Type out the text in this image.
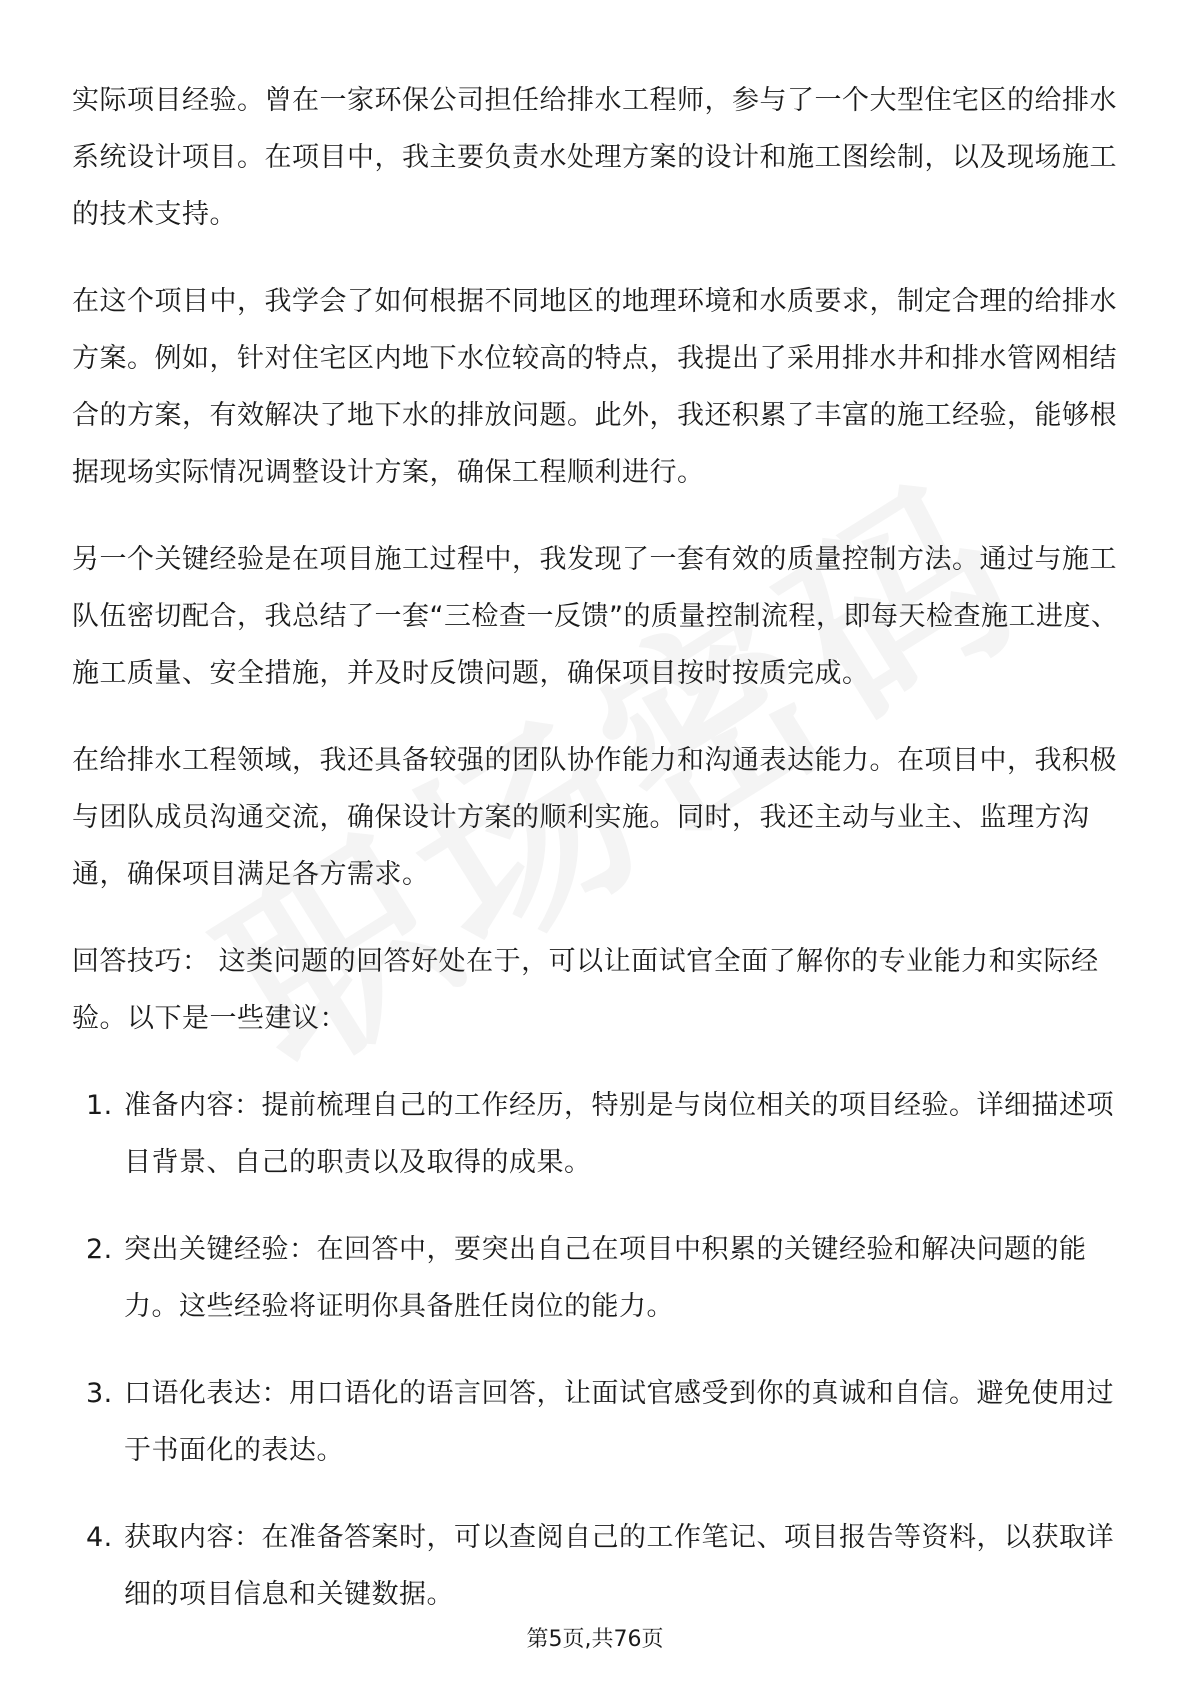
实际项目经验。曾在一家环保公司担任给排水工程师，参与了一个大型住宅区的给排水系统设计项目。在项目中，我主要负责水处理方案的设计和施工图绘制，以及现场施工的技术支持。

在这个项目中，我学会了如何根据不同地区的地理环境和水质要求，制定合理的给排水方案。例如，针对住宅区内地下水位较高的特点，我提出了采用排水井和排水管网相结合的方案，有效解决了地下水的排放问题。此外，我还积累了丰富的施工经验，能够根据现场实际情况调整设计方案，确保工程顺利进行。

另一个关键经验是在项目施工过程中，我发现了一套有效的质量控制方法。通过与施工队伍密切配合，我总结了一套“三检查一反馈”的质量控制流程，即每天检查施工进度、施工质量、安全措施，并及时反馈问题，确保项目按时按质完成。

在给排水工程领域，我还具备较强的团队协作能力和沟通表达能力。在项目中，我积极与团队成员沟通交流，确保设计方案的顺利实施。同时，我还主动与业主、监理方沟通，确保项目满足各方需求。

回答技巧： 这类问题的回答好处在于，可以让面试官全面了解你的专业能力和实际经验。以下是一些建议：

1. 准备内容：提前梳理自己的工作经历，特别是与岗位相关的项目经验。详细描述项目背景、自己的职责以及取得的成果。
2. 突出关键经验：在回答中，要突出自己在项目中积累的关键经验和解决问题的能力。这些经验将证明你具备胜任岗位的能力。
3. 口语化表达：用口语化的语言回答，让面试官感受到你的真诚和自信。避免使用过于书面化的表达。
4. 获取内容：在准备答案时，可以查阅自己的工作笔记、项目报告等资料，以获取详细的项目信息和关键数据。
第5页,共76页
